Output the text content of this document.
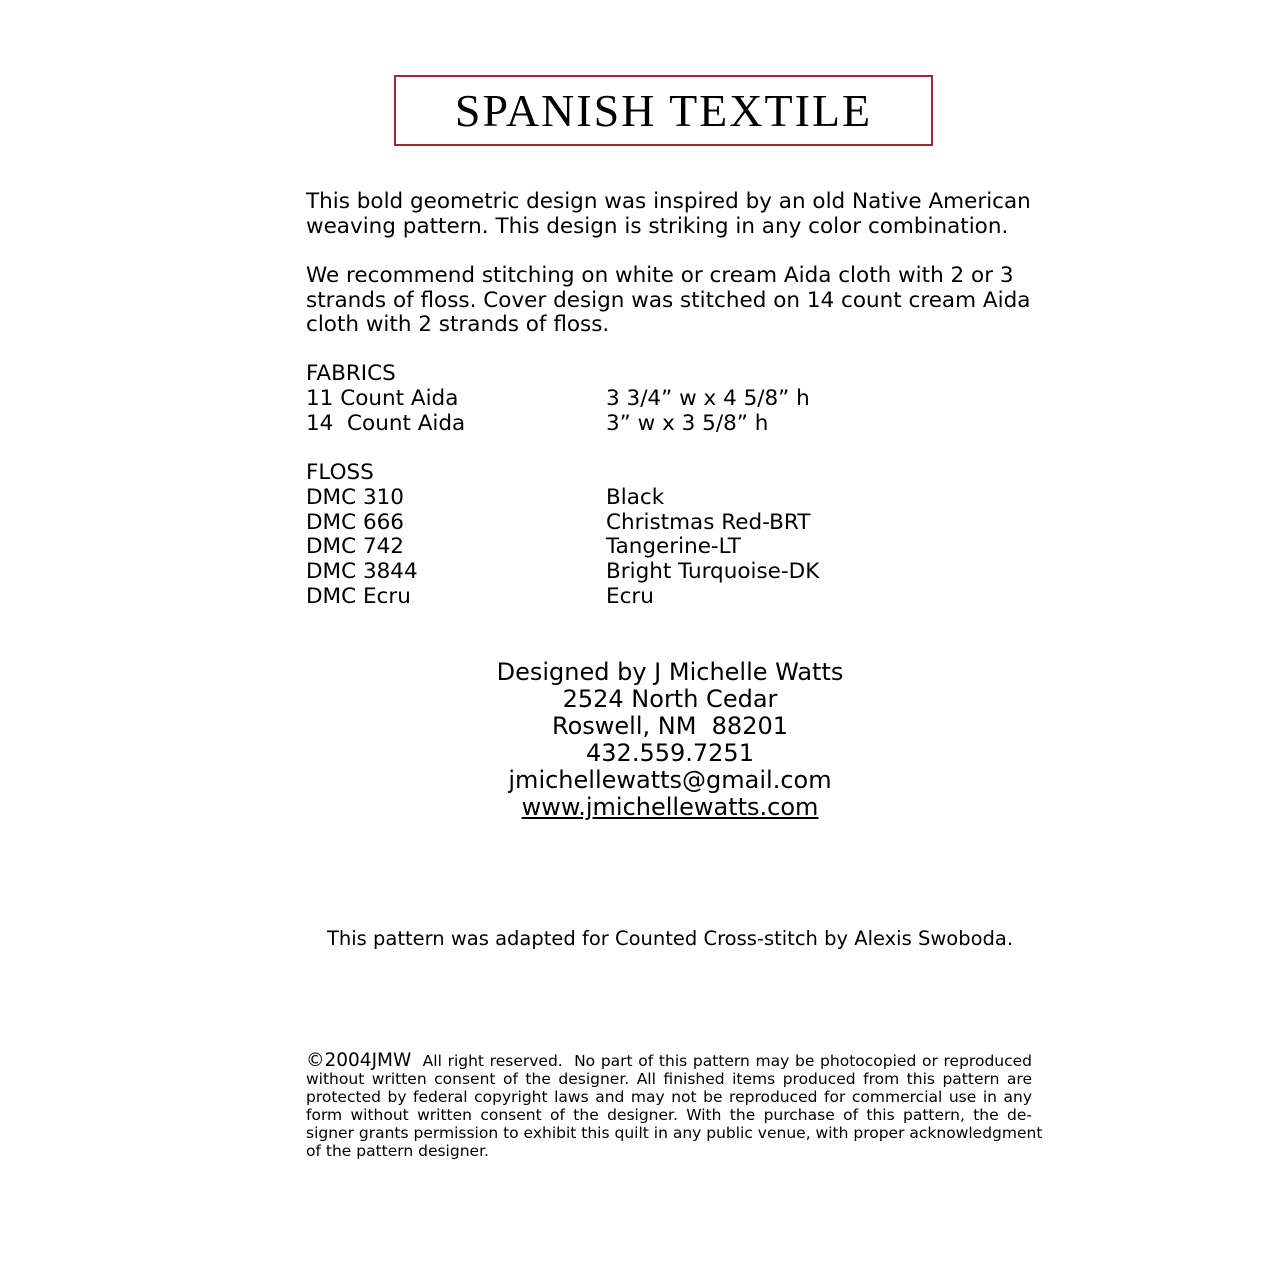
SPANISH TEXTILE
This bold geometric design was inspired by an old Native American
weaving pattern. This design is striking in any color combination.
We recommend stitching on white or cream Aida cloth with 2 or 3
strands of floss. Cover design was stitched on 14 count cream Aida
cloth with 2 strands of floss.
FABRICS
11 Count Aida	3 3/4” w x 4 5/8” h
14  Count Aida	3” w x 3 5/8” h
FLOSS
DMC 310	Black
DMC 666	Christmas Red-BRT
DMC 742	Tangerine-LT
DMC 3844	Bright Turquoise-DK
DMC Ecru	Ecru
Designed by J Michelle Watts
2524 North Cedar
Roswell, NM  88201
432.559.7251
jmichellewatts@gmail.com
www.jmichellewatts.com
This pattern was adapted for Counted Cross-stitch by Alexis Swoboda.
©2004JMW All right reserved.  No part of this pattern may be photocopied or reproduced
without written consent of the designer. All finished items produced from this pattern are
protected by federal copyright laws and may not be reproduced for commercial use in any
form without written consent of the designer. With the purchase of this pattern, the de-
signer grants permission to exhibit this quilt in any public venue, with proper acknowledgment
of the pattern designer.
